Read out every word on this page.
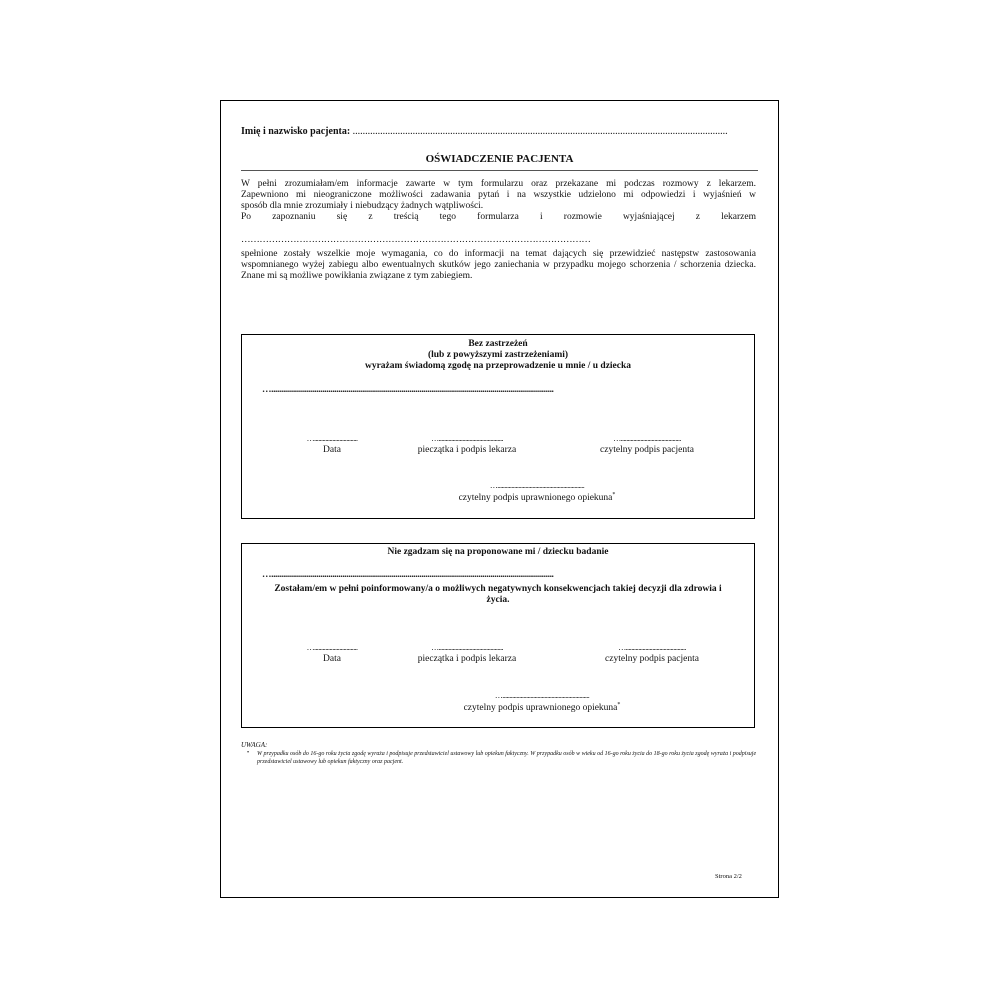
Imię i nazwisko pacjenta: ......................................................................................................................................................
OŚWIADCZENIE PACJENTA
W pełni zrozumiałam/em informacje zawarte w tym formularzu oraz przekazane mi podczas rozmowy z lekarzem.
Zapewniono mi nieograniczone możliwości zadawania pytań i na wszystkie udzielono mi odpowiedzi i wyjaśnień w
sposób dla mnie zrozumiały i niebudzący żadnych wątpliwości.
Po zapoznaniu się z treścią tego formularza i rozmowie wyjaśniającej z lekarzem
……………………………………………………………………………………………………
spełnione zostały wszelkie moje wymagania, co do informacji na temat dających się przewidzieć następstw zastosowania wspomnianego wyżej zabiegu albo ewentualnych skutków jego zaniechania w przypadku mojego schorzenia / schorzenia dziecka. Znane mi są możliwe powikłania związane z tym zabiegiem.
Bez zastrzeżeń
(lub z powyższymi zastrzeżeniami)
wyrażam świadomą zgodę na przeprowadzenie u mnie / u dziecka
…...............................................................................................................................................
…...............................
Data
…..............................................
pieczątka i podpis lekarza
…...........................................
czytelny podpis pacjenta
…..............................................................
czytelny podpis uprawnionego opiekuna*
Nie zgadzam się na proponowane mi / dziecku badanie
…...............................................................................................................................................
Zostałam/em w pełni poinformowany/a o możliwych negatywnych konsekwencjach takiej decyzji dla zdrowia i
życia.
…...............................
Data
…..............................................
pieczątka i podpis lekarza
…...........................................
czytelny podpis pacjenta
…..............................................................
czytelny podpis uprawnionego opiekuna*
UWAGA:
• W przypadku osób do 16-go roku życia zgodę wyraża i podpisuje przedstawiciel ustawowy lub opiekun faktyczny. W przypadku osób w wieku od 16-go roku życia do 18-go roku życia zgodę wyraża i podpisuje przedstawiciel ustawowy lub opiekun faktyczny oraz pacjent.
Strona 2/2
